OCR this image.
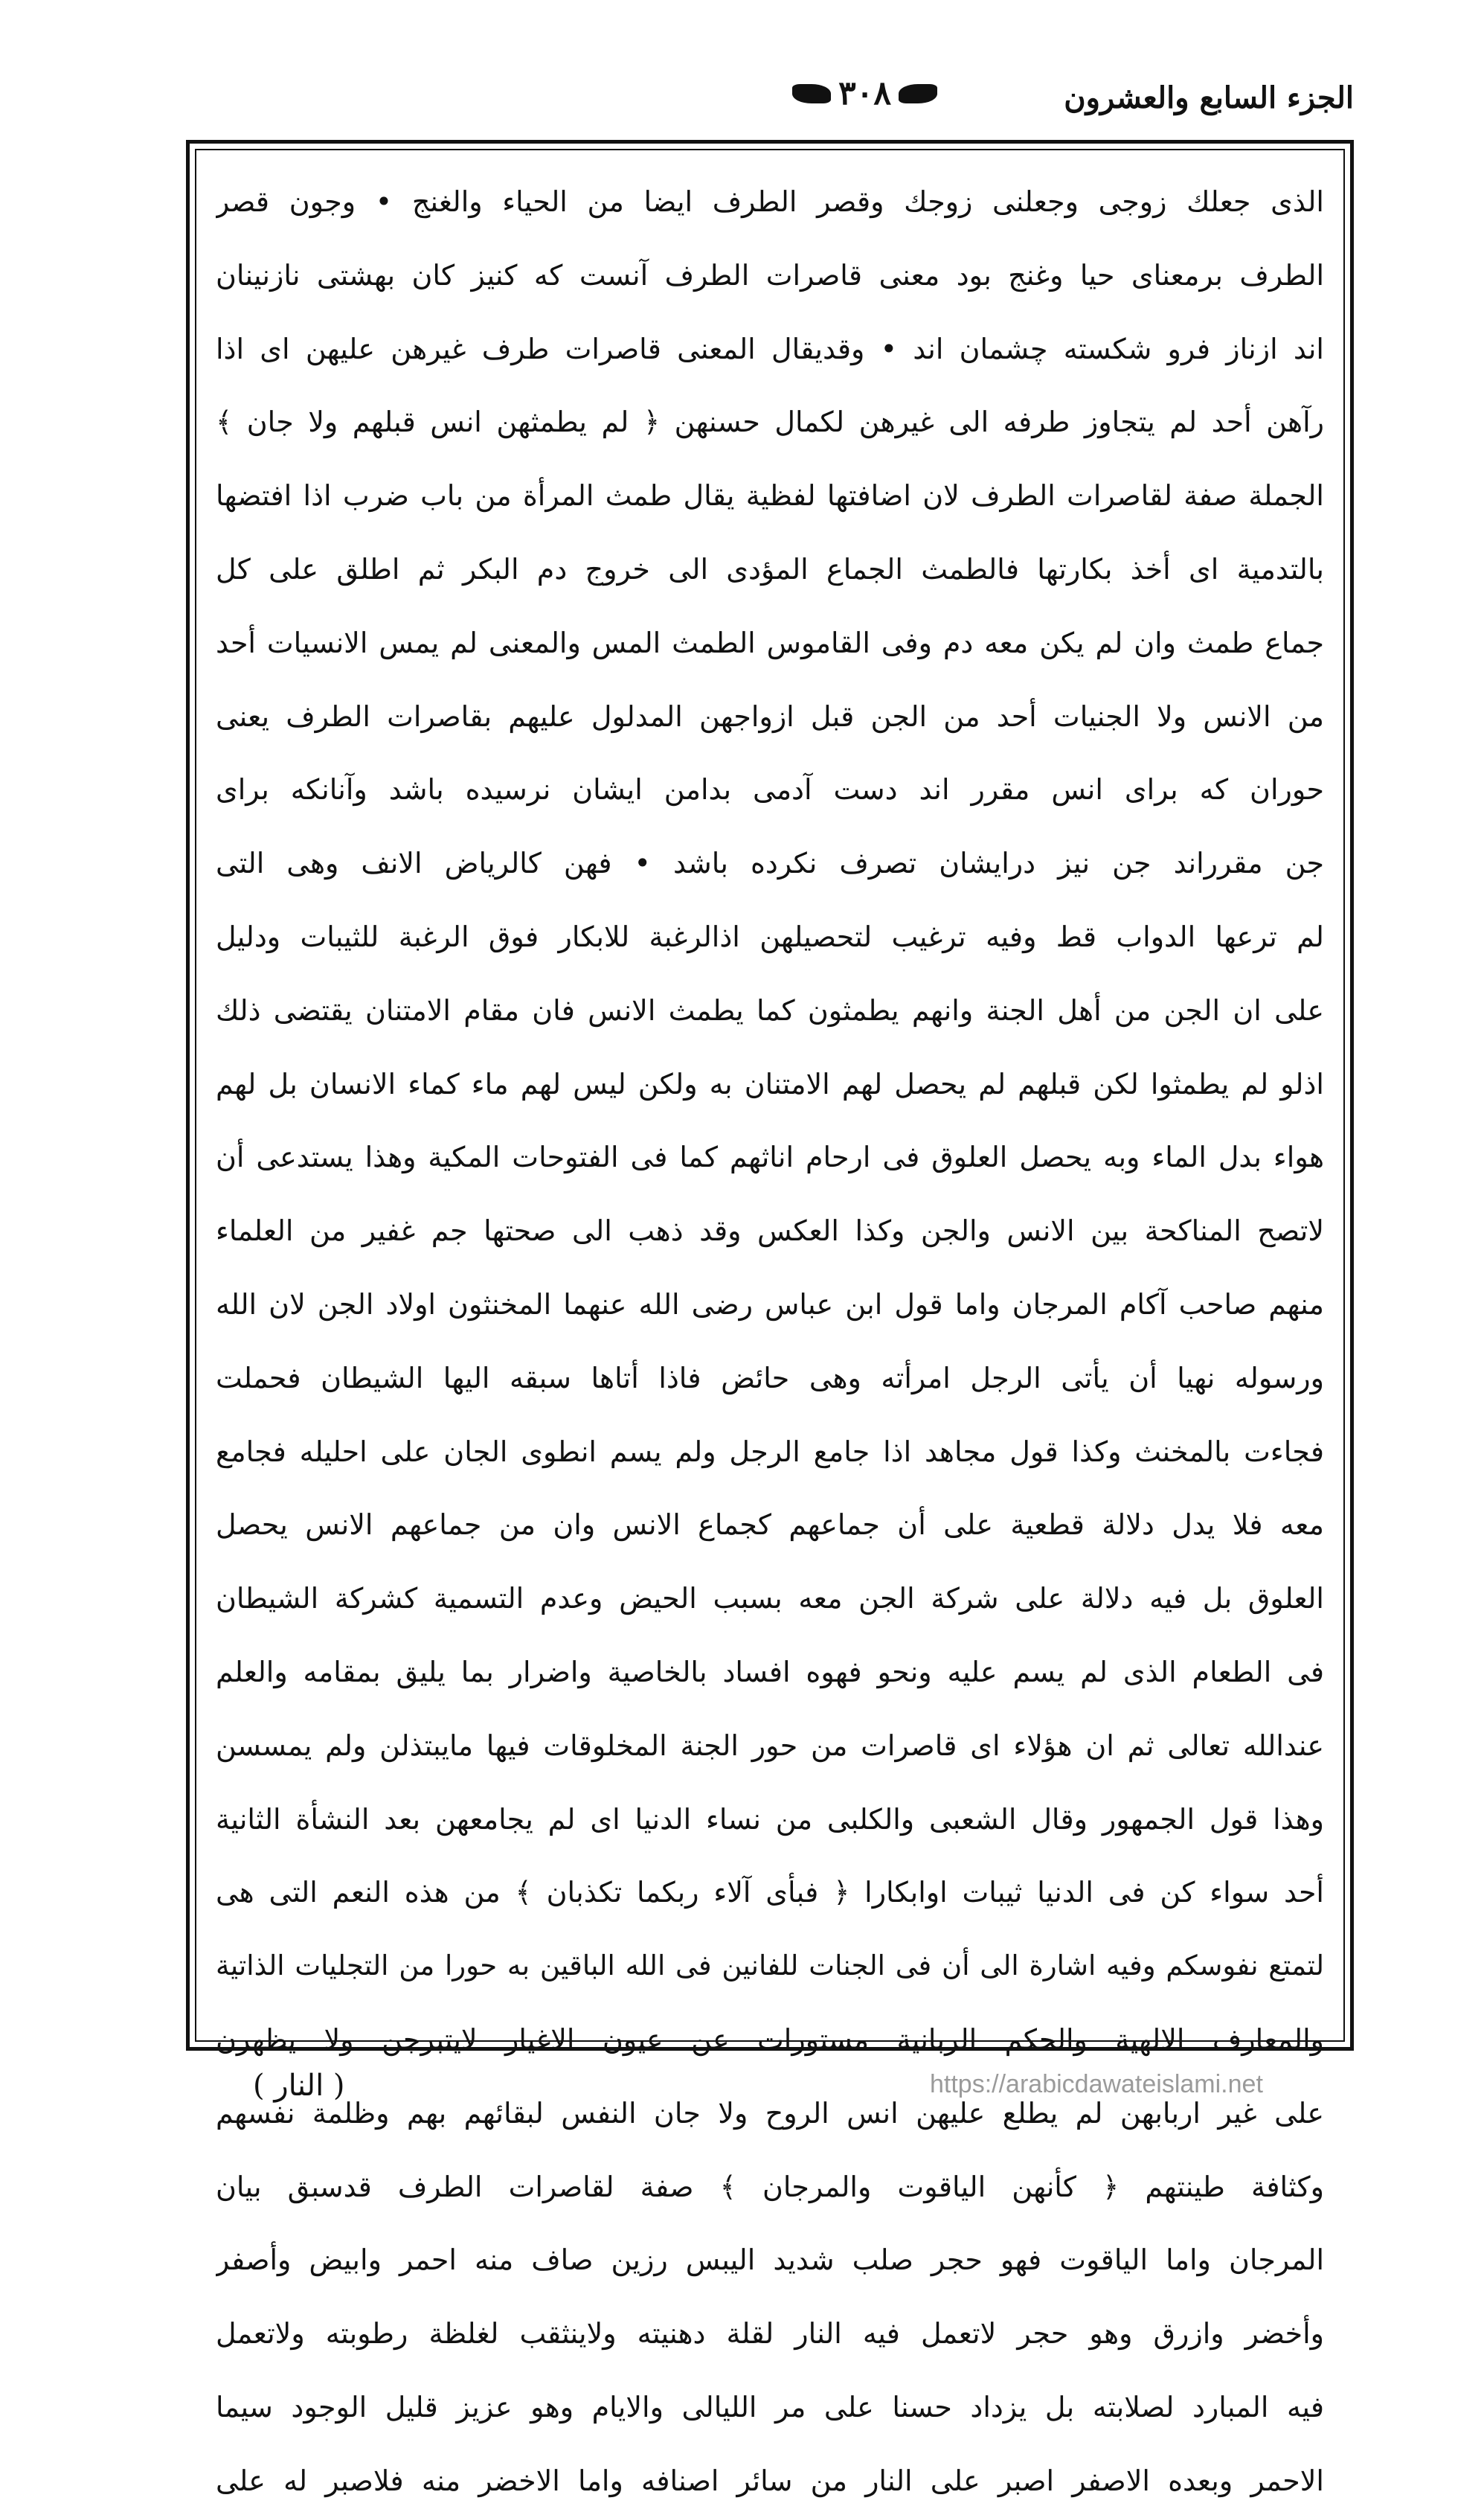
الجزء السابع والعشرون
٣٠٨
الذى جعلك زوجى وجعلنى زوجك وقصر الطرف ايضا من الحياء والغنج • وجون قصر
الطرف برمعناى حيا وغنج بود معنى قاصرات الطرف آنست كه كنيز كان بهشتى نازنينان
اند ازناز فرو شكسته چشمان اند • وقديقال المعنى قاصرات طرف غيرهن عليهن اى اذا
رآهن أحد لم يتجاوز طرفه الى غيرهن لكمال حسنهن ﴿ لم يطمثهن انس قبلهم ولا جان ﴾
الجملة صفة لقاصرات الطرف لان اضافتها لفظية يقال طمث المرأة من باب ضرب اذا افتضها
بالتدمية اى أخذ بكارتها فالطمث الجماع المؤدى الى خروج دم البكر ثم اطلق على كل
جماع طمث وان لم يكن معه دم وفى القاموس الطمث المس والمعنى لم يمس الانسيات أحد
من الانس ولا الجنيات أحد من الجن قبل ازواجهن المدلول عليهم بقاصرات الطرف يعنى
حوران كه براى انس مقرر اند دست آدمى بدامن ايشان نرسيده باشد وآنانكه براى
جن مقرراند جن نيز درايشان تصرف نكرده باشد • فهن كالرياض الانف وهى التى
لم ترعها الدواب قط وفيه ترغيب لتحصيلهن اذالرغبة للابكار فوق الرغبة للثيبات ودليل
على ان الجن من أهل الجنة وانهم يطمثون كما يطمث الانس فان مقام الامتنان يقتضى ذلك
اذلو لم يطمثوا لكن قبلهم لم يحصل لهم الامتنان به ولكن ليس لهم ماء كماء الانسان بل لهم
هواء بدل الماء وبه يحصل العلوق فى ارحام اناثهم كما فى الفتوحات المكية وهذا يستدعى أن
لاتصح المناكحة بين الانس والجن وكذا العكس وقد ذهب الى صحتها جم غفير من العلماء
منهم صاحب آكام المرجان واما قول ابن عباس رضى الله عنهما المخنثون اولاد الجن لان الله
ورسوله نهيا أن يأتى الرجل امرأته وهى حائض فاذا أتاها سبقه اليها الشيطان فحملت
فجاءت بالمخنث وكذا قول مجاهد اذا جامع الرجل ولم يسم انطوى الجان على احليله فجامع
معه فلا يدل دلالة قطعية على أن جماعهم كجماع الانس وان من جماعهم الانس يحصل
العلوق بل فيه دلالة على شركة الجن معه بسبب الحيض وعدم التسمية كشركة الشيطان
فى الطعام الذى لم يسم عليه ونحو فهوه افساد بالخاصية واضرار بما يليق بمقامه والعلم
عندالله تعالى ثم ان هؤلاء اى قاصرات من حور الجنة المخلوقات فيها مايبتذلن ولم يمسسن
وهذا قول الجمهور وقال الشعبى والكلبى من نساء الدنيا اى لم يجامعهن بعد النشأة الثانية
أحد سواء كن فى الدنيا ثيبات اوابكارا ﴿ فبأى آلاء ربكما تكذبان ﴾ من هذه النعم التى هى
لتمتع نفوسكم وفيه اشارة الى أن فى الجنات للفانين فى الله الباقين به حورا من التجليات الذاتية
والمعارف الالهية والحكم الربانية مستورات عن عيون الاغيار لايتبرجن ولا يظهرن
على غير اربابهن لم يطلع عليهن انس الروح ولا جان النفس لبقائهم بهم وظلمة نفسهم
وكثافة طينتهم ﴿ كأنهن الياقوت والمرجان ﴾ صفة لقاصرات الطرف قدسبق بيان
المرجان واما الياقوت فهو حجر صلب شديد اليبس رزين صاف منه احمر وابيض وأصفر
وأخضر وازرق وهو حجر لاتعمل فيه النار لقلة دهنيته ولاينثقب لغلظة رطوبته ولاتعمل
فيه المبارد لصلابته بل يزداد حسنا على مر الليالى والايام وهو عزيز قليل الوجود سيما
الاحمر وبعده الاصفر اصبر على النار من سائر اصنافه واما الاخضر منه فلاصبر له على
( النار )	https://arabicdawateislami.net
